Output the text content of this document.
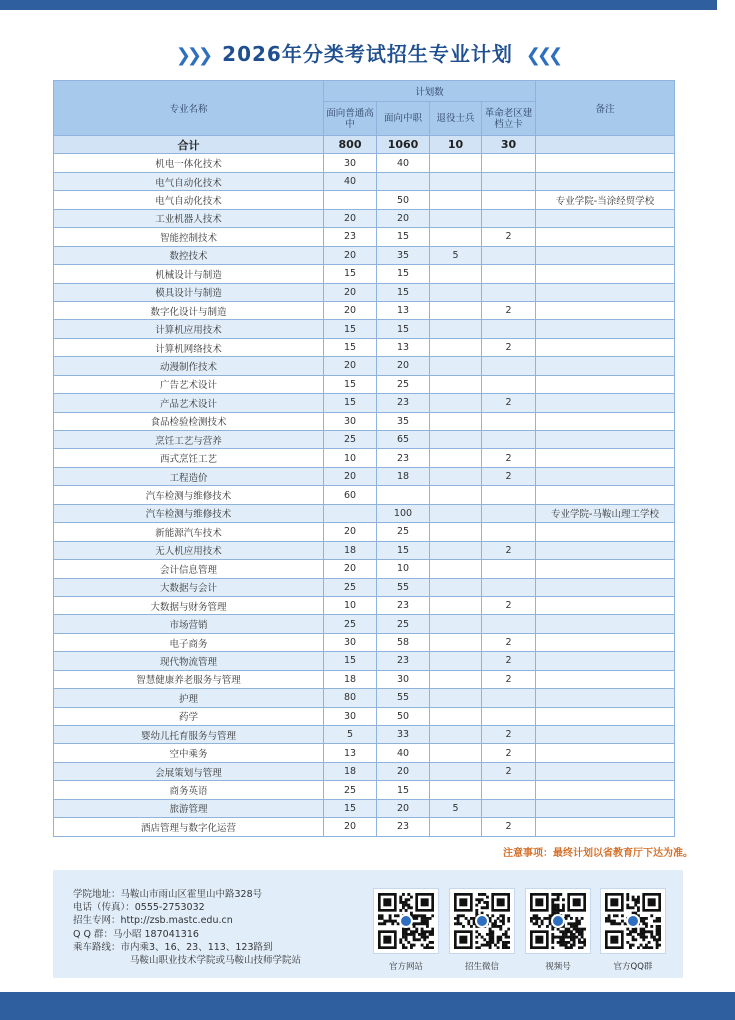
❯❯❯ 2026年分类考试招生专业计划 ❮❮❮
专业名称	计划数				备注
	面向普通高中	面向中职	退役士兵	革命老区建档立卡	
合计	800	1060	10	30	
机电一体化技术	30	40			
电气自动化技术	40				
电气自动化技术		50			专业学院-当涂经贸学校
工业机器人技术	20	20			
智能控制技术	23	15		2	
数控技术	20	35	5		
机械设计与制造	15	15			
模具设计与制造	20	15			
数字化设计与制造	20	13		2	
计算机应用技术	15	15			
计算机网络技术	15	13		2	
动漫制作技术	20	20			
广告艺术设计	15	25			
产品艺术设计	15	23		2	
食品检验检测技术	30	35			
烹饪工艺与营养	25	65			
西式烹饪工艺	10	23		2	
工程造价	20	18		2	
汽车检测与维修技术	60				
汽车检测与维修技术		100			专业学院-马鞍山理工学校
新能源汽车技术	20	25			
无人机应用技术	18	15		2	
会计信息管理	20	10			
大数据与会计	25	55			
大数据与财务管理	10	23		2	
市场营销	25	25			
电子商务	30	58		2	
现代物流管理	15	23		2	
智慧健康养老服务与管理	18	30		2	
护理	80	55			
药学	30	50			
婴幼儿托育服务与管理	5	33		2	
空中乘务	13	40		2	
会展策划与管理	18	20		2	
商务英语	25	15			
旅游管理	15	20	5		
酒店管理与数字化运营	20	23		2	
注意事项：最终计划以省教育厅下达为准。
学院地址：马鞍山市雨山区霍里山中路328号
电话（传真）：0555-2753032
招生专网：http://zsb.mastc.edu.cn
Q Q 群：马小昭 187041316
乘车路线：市内乘3、16、23、113、123路到
马鞍山职业技术学院或马鞍山技师学院站
官方网站	招生微信	视频号	官方QQ群
